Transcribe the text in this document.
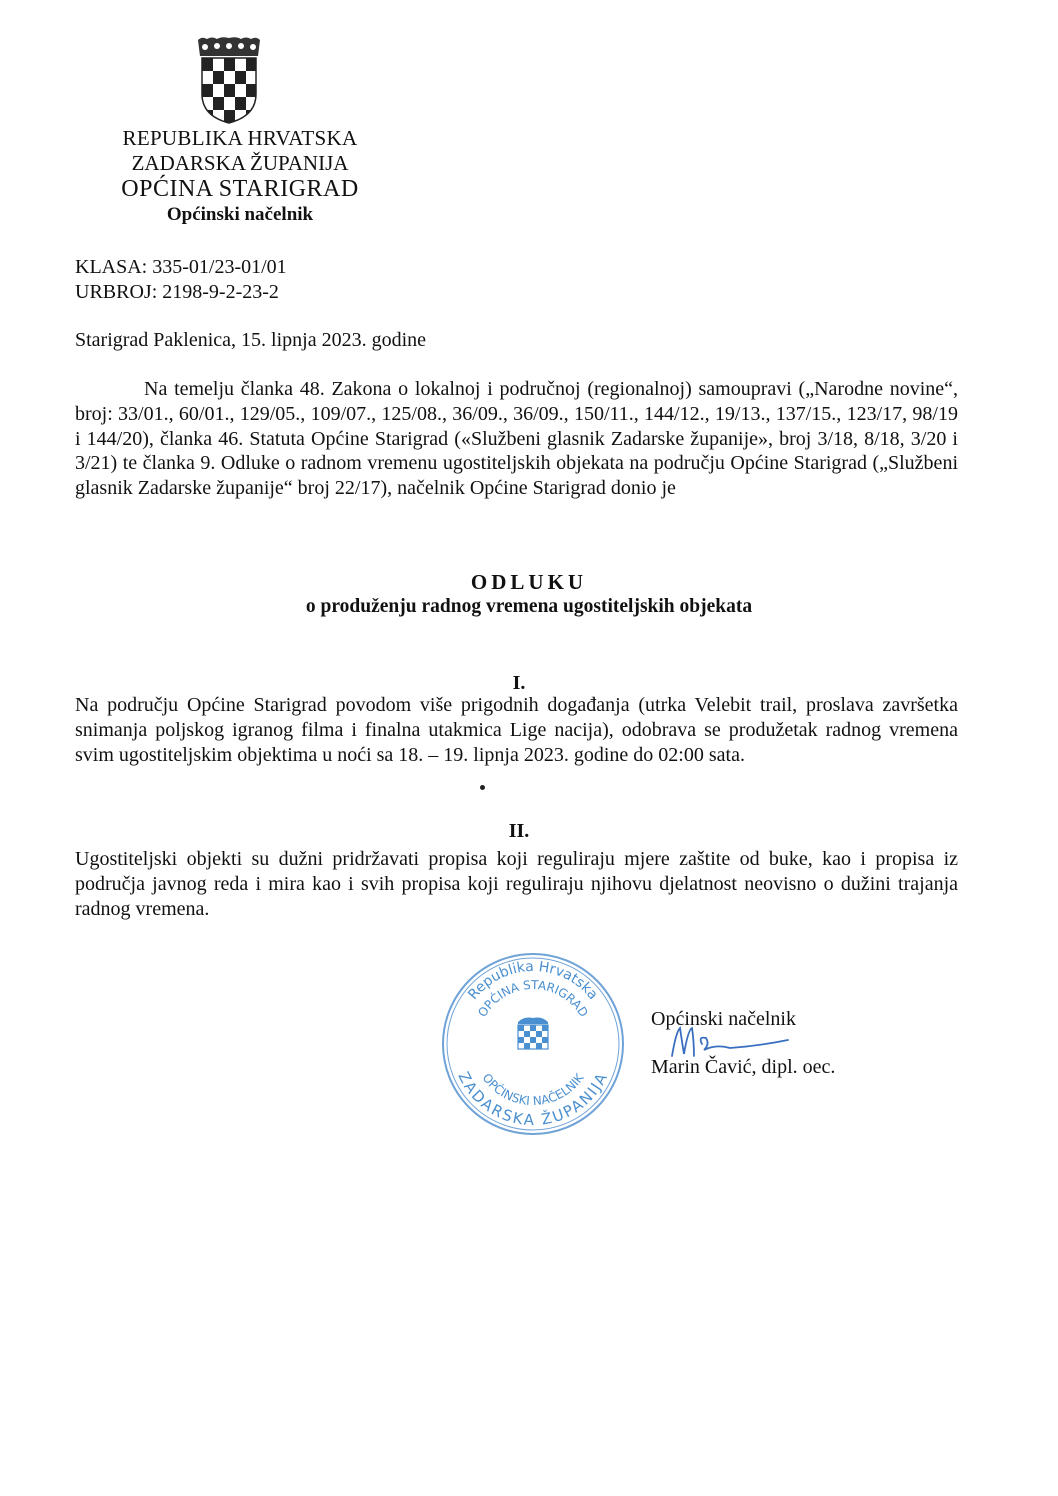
REPUBLIKA HRVATSKA
ZADARSKA ŽUPANIJA
OPĆINA STARIGRAD
Općinski načelnik
KLASA: 335-01/23-01/01
URBROJ: 2198-9-2-23-2
Starigrad Paklenica, 15. lipnja 2023. godine

Na temelju članka 48. Zakona o lokalnoj i područnoj (regionalnoj) samoupravi („Narodne novine“, broj: 33/01., 60/01., 129/05., 109/07., 125/08., 36/09., 36/09., 150/11., 144/12., 19/13., 137/15., 123/17, 98/19 i 144/20), članka 46. Statuta Općine Starigrad («Službeni glasnik Zadarske županije», broj 3/18, 8/18, 3/20 i 3/21) te članka 9. Odluke o radnom vremenu ugostiteljskih objekata na području Općine Starigrad („Službeni glasnik Zadarske županije“ broj 22/17), načelnik Općine Starigrad donio je

ODLUKU
o produženju radnog vremena ugostiteljskih objekata
I.

Na području Općine Starigrad povodom više prigodnih događanja (utrka Velebit trail, proslava završetka snimanja poljskog igranog filma i finalna utakmica Lige nacija), odobrava se produžetak radnog vremena svim ugostiteljskim objektima u noći sa 18. – 19. lipnja 2023. godine do 02:00 sata.

II.

Ugostiteljski objekti su dužni pridržavati propisa koji reguliraju mjere zaštite od buke, kao i propisa iz područja javnog reda i mira kao i svih propisa koji reguliraju njihovu djelatnost neovisno o dužini trajanja radnog vremena.

Republika Hrvatska
OPĆINA STARIGRAD
ZADARSKA ŽUPANIJA
OPĆINSKI NAČELNIK
Općinski načelnik
Marin Čavić, dipl. oec.
